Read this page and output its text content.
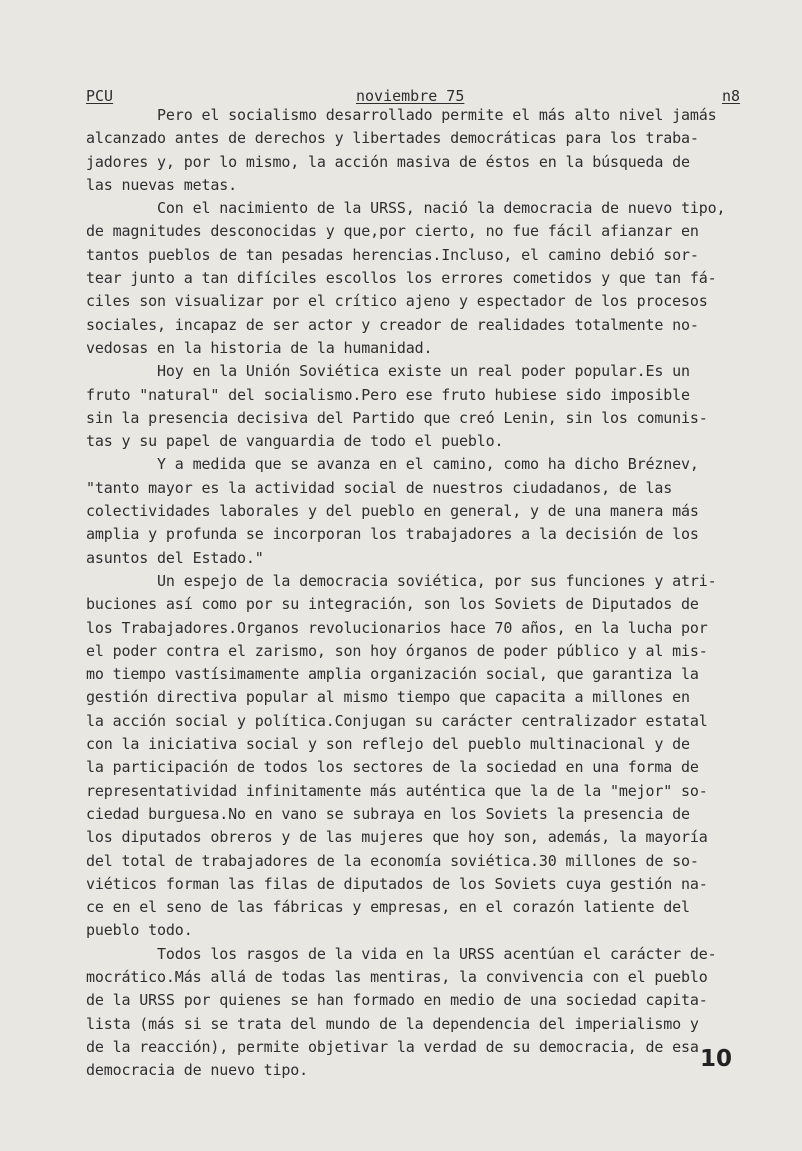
PCU	noviembre 75	n8
Pero el socialismo desarrollado permite el más alto nivel jamás
alcanzado antes de derechos y libertades democráticas para los traba-
jadores y, por lo mismo, la acción masiva de éstos en la búsqueda de
las nuevas metas.
Con el nacimiento de la URSS, nació la democracia de nuevo tipo,
de magnitudes desconocidas y que,por cierto, no fue fácil afianzar en
tantos pueblos de tan pesadas herencias.Incluso, el camino debió sor-
tear junto a tan difíciles escollos los errores cometidos y que tan fá-
ciles son visualizar por el crítico ajeno y espectador de los procesos
sociales, incapaz de ser actor y creador de realidades totalmente no-
vedosas en la historia de la humanidad.
Hoy en la Unión Soviética existe un real poder popular.Es un
fruto "natural" del socialismo.Pero ese fruto hubiese sido imposible
sin la presencia decisiva del Partido que creó Lenin, sin los comunis-
tas y su papel de vanguardia de todo el pueblo.
Y a medida que se avanza en el camino, como ha dicho Bréznev,
"tanto mayor es la actividad social de nuestros ciudadanos, de las
colectividades laborales y del pueblo en general, y de una manera más
amplia y profunda se incorporan los trabajadores a la decisión de los
asuntos del Estado."
Un espejo de la democracia soviética, por sus funciones y atri-
buciones así como por su integración, son los Soviets de Diputados de
los Trabajadores.Organos revolucionarios hace 70 años, en la lucha por
el poder contra el zarismo, son hoy órganos de poder público y al mis-
mo tiempo vastísimamente amplia organización social, que garantiza la
gestión directiva popular al mismo tiempo que capacita a millones en
la acción social y política.Conjugan su carácter centralizador estatal
con la iniciativa social y son reflejo del pueblo multinacional y de
la participación de todos los sectores de la sociedad en una forma de
representatividad infinitamente más auténtica que la de la "mejor" so-
ciedad burguesa.No en vano se subraya en los Soviets la presencia de
los diputados obreros y de las mujeres que hoy son, además, la mayoría
del total de trabajadores de la economía soviética.30 millones de so-
viéticos forman las filas de diputados de los Soviets cuya gestión na-
ce en el seno de las fábricas y empresas, en el corazón latiente del
pueblo todo.
Todos los rasgos de la vida en la URSS acentúan el carácter de-
mocrático.Más allá de todas las mentiras, la convivencia con el pueblo
de la URSS por quienes se han formado en medio de una sociedad capita-
lista (más si se trata del mundo de la dependencia del imperialismo y
de la reacción), permite objetivar la verdad de su democracia, de esa
democracia de nuevo tipo.	10
